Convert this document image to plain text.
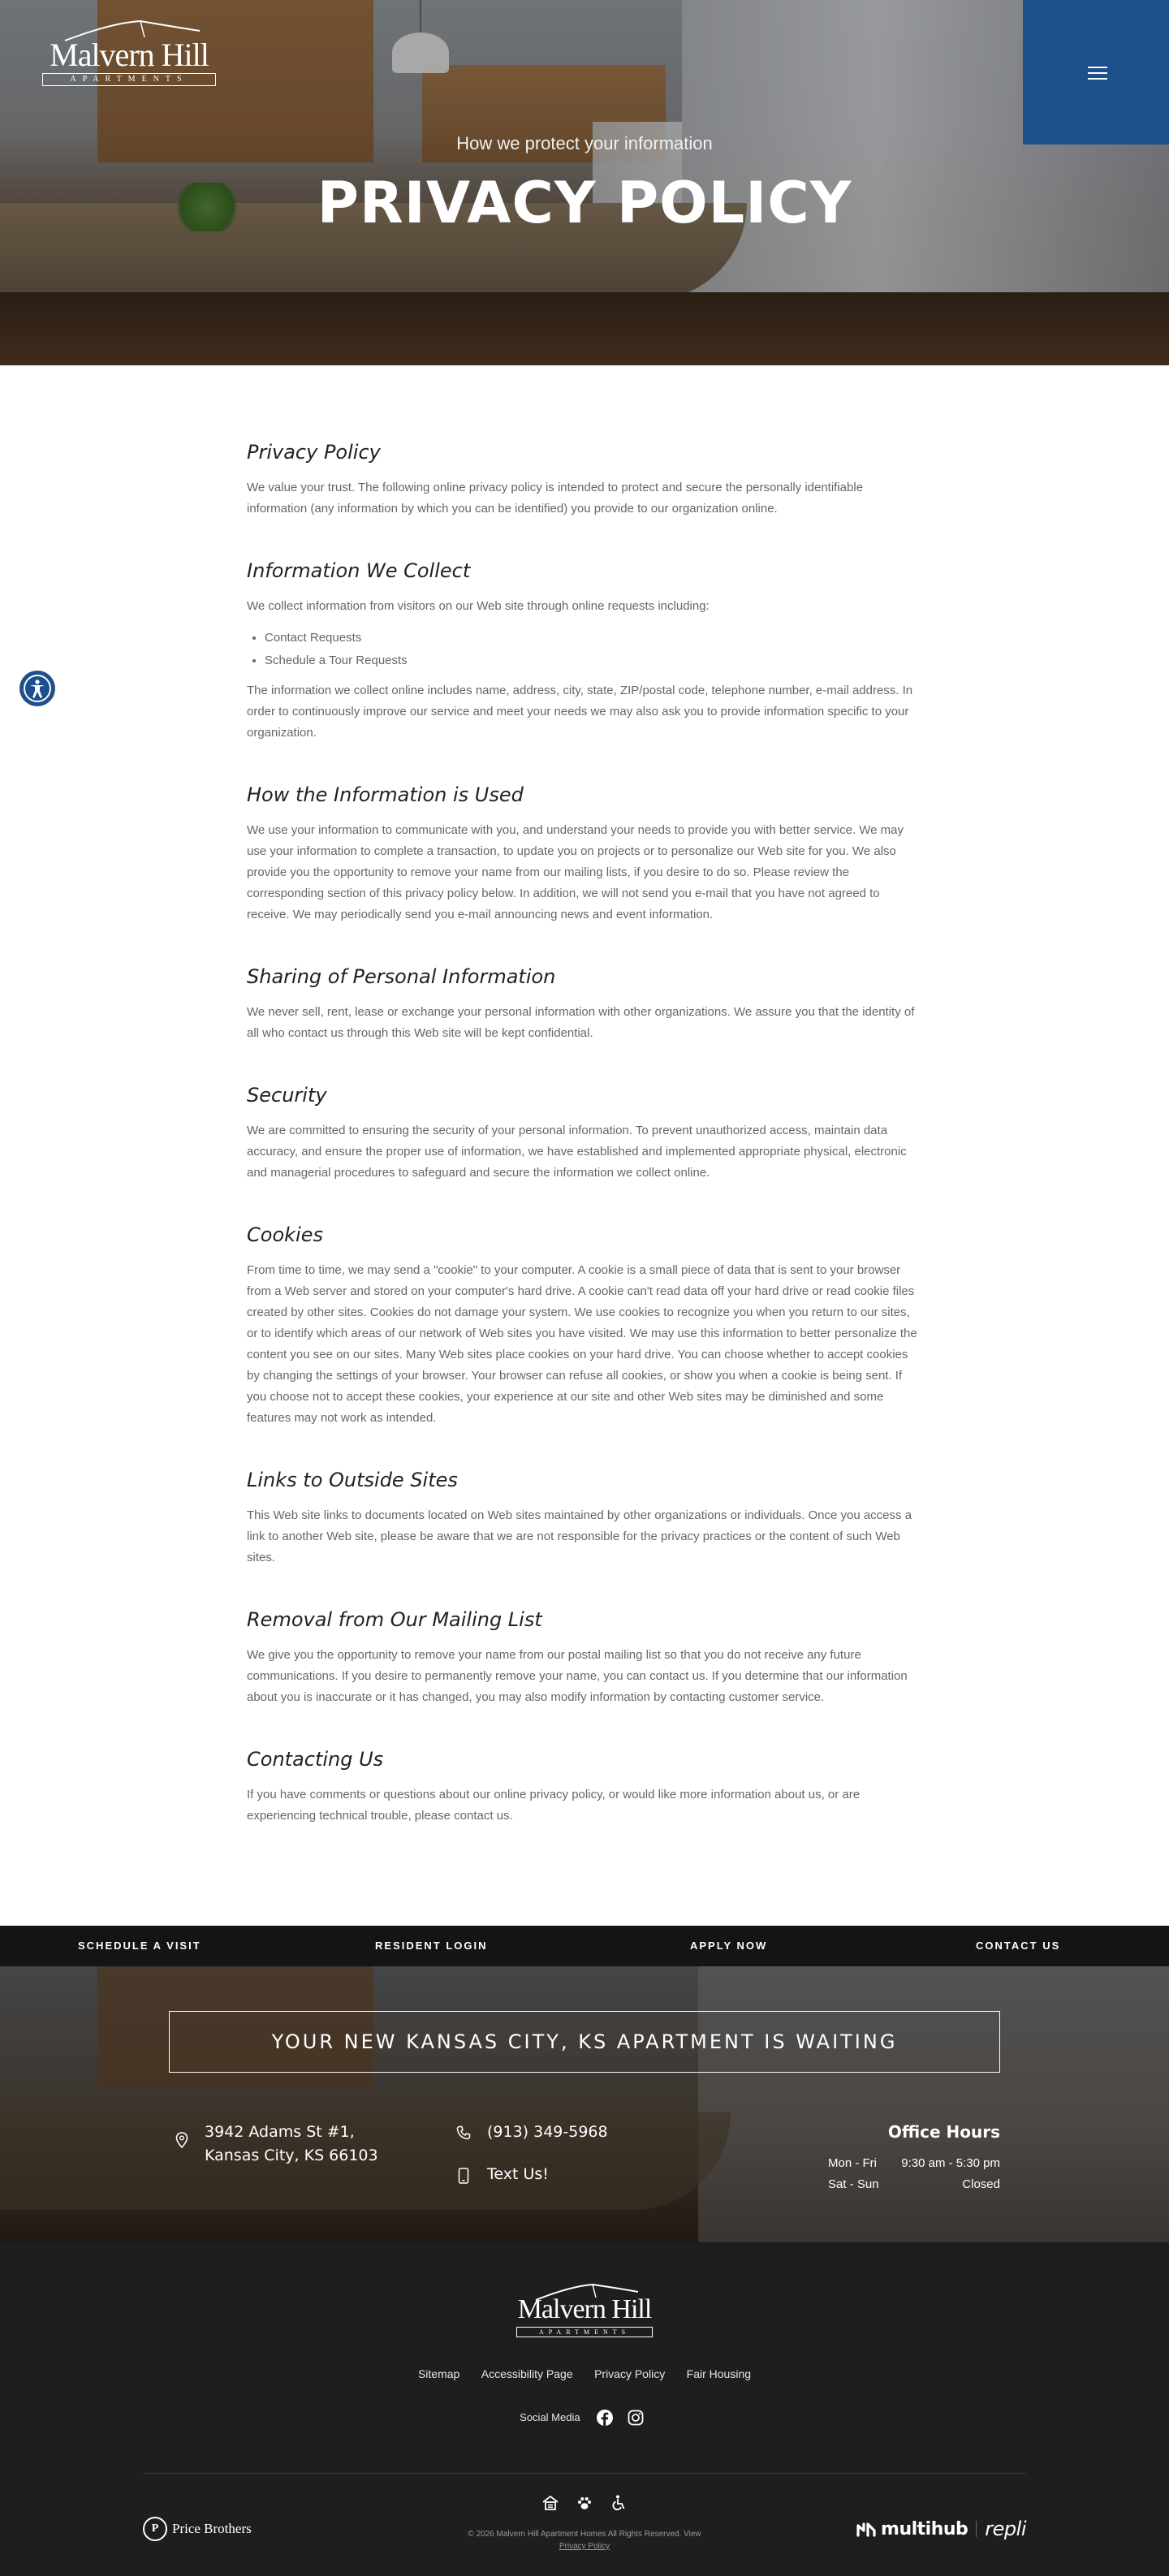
Malvern Hill
APARTMENTS
How we protect your information
PRIVACY POLICY
Privacy Policy

We value your trust. The following online privacy policy is intended to protect and secure the personally identifiable information (any information by which you can be identified) you provide to our organization online.

Information We Collect

We collect information from visitors on our Web site through online requests including:

• Contact Requests
• Schedule a Tour Requests

The information we collect online includes name, address, city, state, ZIP/postal code, telephone number, e-mail address. In order to continuously improve our service and meet your needs we may also ask you to provide information specific to your organization.

How the Information is Used

We use your information to communicate with you, and understand your needs to provide you with better service. We may use your information to complete a transaction, to update you on projects or to personalize our Web site for you. We also provide you the opportunity to remove your name from our mailing lists, if you desire to do so. Please review the corresponding section of this privacy policy below. In addition, we will not send you e-mail that you have not agreed to receive. We may periodically send you e-mail announcing news and event information.

Sharing of Personal Information

We never sell, rent, lease or exchange your personal information with other organizations. We assure you that the identity of all who contact us through this Web site will be kept confidential.

Security

We are committed to ensuring the security of your personal information. To prevent unauthorized access, maintain data accuracy, and ensure the proper use of information, we have established and implemented appropriate physical, electronic and managerial procedures to safeguard and secure the information we collect online.

Cookies

From time to time, we may send a "cookie" to your computer. A cookie is a small piece of data that is sent to your browser from a Web server and stored on your computer's hard drive. A cookie can't read data off your hard drive or read cookie files created by other sites. Cookies do not damage your system. We use cookies to recognize you when you return to our sites, or to identify which areas of our network of Web sites you have visited. We may use this information to better personalize the content you see on our sites. Many Web sites place cookies on your hard drive. You can choose whether to accept cookies by changing the settings of your browser. Your browser can refuse all cookies, or show you when a cookie is being sent. If you choose not to accept these cookies, your experience at our site and other Web sites may be diminished and some features may not work as intended.

Links to Outside Sites

This Web site links to documents located on Web sites maintained by other organizations or individuals. Once you access a link to another Web site, please be aware that we are not responsible for the privacy practices or the content of such Web sites.

Removal from Our Mailing List

We give you the opportunity to remove your name from our postal mailing list so that you do not receive any future communications. If you desire to permanently remove your name, you can contact us. If you determine that our information about you is inaccurate or it has changed, you may also modify information by contacting customer service.

Contacting Us

If you have comments or questions about our online privacy policy, or would like more information about us, or are experiencing technical trouble, please contact us.

SCHEDULE A VISIT	RESIDENT LOGIN	APPLY NOW	CONTACT US
YOUR NEW KANSAS CITY, KS APARTMENT IS WAITING
3942 Adams St #1,
Kansas City, KS 66103
(913) 349-5968
Text Us!
Office Hours
Mon - Fri 9:30 am - 5:30 pm
Sat - Sun	Closed
Malvern Hill
APARTMENTS
Sitemap Accessibility Page Privacy Policy Fair Housing
Social Media

P Price Brothers	© 2026 Malvern Hill Apartment Homes All Rights Reserved. View
Privacy Policy
multihub repli
